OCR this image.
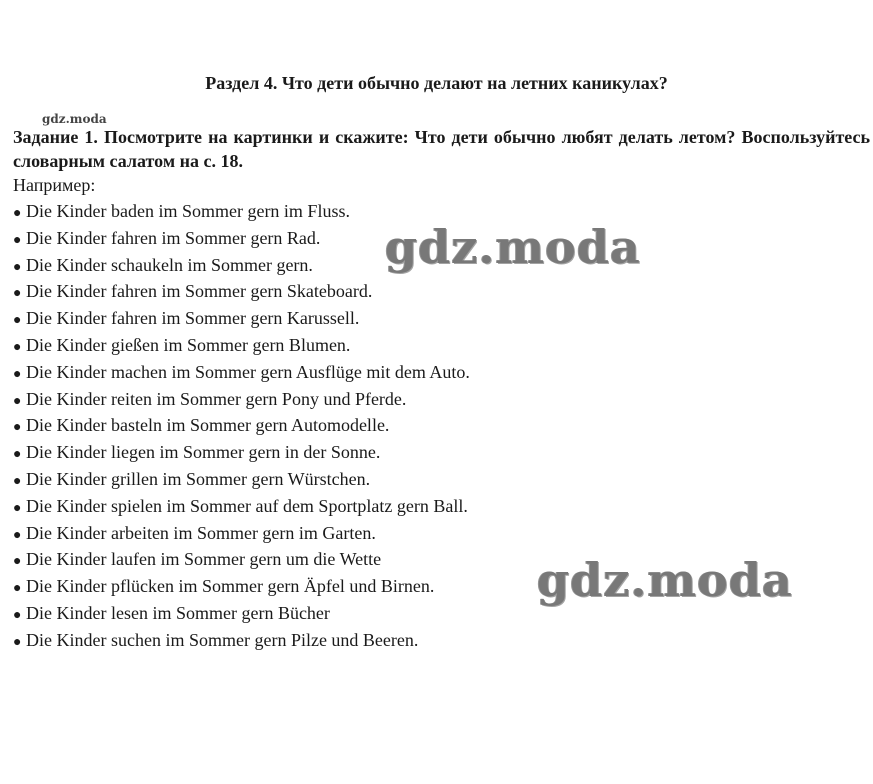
Раздел 4. Что дети обычно делают на летних каникулах?
gdz.moda
Задание 1. Посмотрите на картинки и скажите: Что дети обычно любят делать летом? Воспользуйтесь словарным салатом на с. 18.
Например:
● Die Kinder baden im Sommer gern im Fluss.
● Die Kinder fahren im Sommer gern Rad.
● Die Kinder schaukeln im Sommer gern.
● Die Kinder fahren im Sommer gern Skateboard.
● Die Kinder fahren im Sommer gern Karussell.
● Die Kinder gießen im Sommer gern Blumen.
● Die Kinder machen im Sommer gern Ausflüge mit dem Auto.
● Die Kinder reiten im Sommer gern Pony und Pferde.
● Die Kinder basteln im Sommer gern Automodelle.
● Die Kinder liegen im Sommer gern in der Sonne.
● Die Kinder grillen im Sommer gern Würstchen.
● Die Kinder spielen im Sommer auf dem Sportplatz gern Ball.
● Die Kinder arbeiten im Sommer gern im Garten.
● Die Kinder laufen im Sommer gern um die Wette
● Die Kinder pflücken im Sommer gern Äpfel und Birnen.
● Die Kinder lesen im Sommer gern Bücher
● Die Kinder suchen im Sommer gern Pilze und Beeren.
gdz.moda
gdz.moda
